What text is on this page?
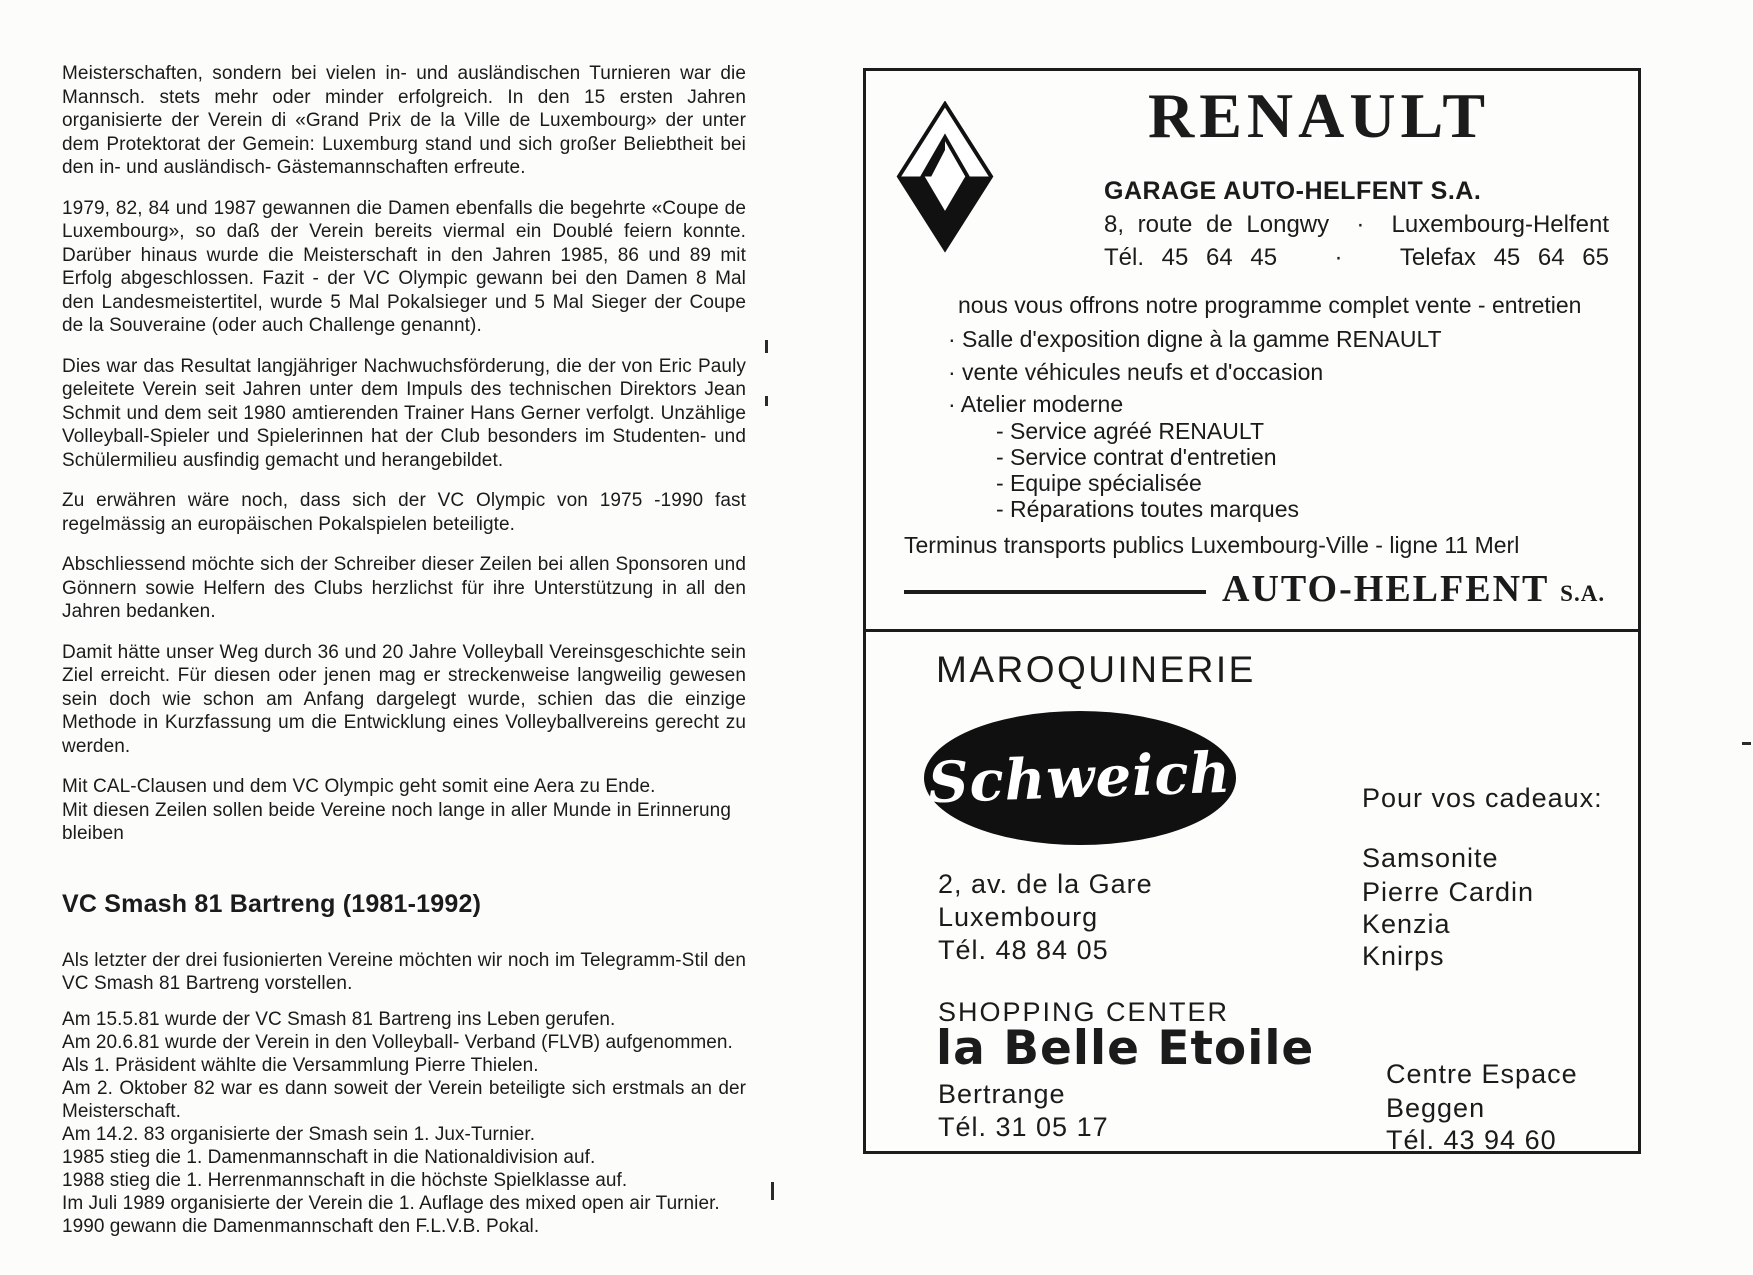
Meisterschaften, sondern bei vielen in- und ausländischen Turnieren war die Mannsch. stets mehr oder minder erfolgreich. In den 15 ersten Jahren organisierte der Verein di «Grand Prix de la Ville de Luxembourg» der unter dem Protektorat der Gemein: Luxemburg stand und sich großer Beliebtheit bei den in- und ausländisch- Gästemannschaften erfreute.

1979, 82, 84 und 1987 gewannen die Damen ebenfalls die begehrte «Coupe de Luxembourg», so daß der Verein bereits viermal ein Doublé feiern konnte. Darüber hinaus wurde die Meisterschaft in den Jahren 1985, 86 und 89 mit Erfolg abgeschlossen. Fazit - der VC Olympic gewann bei den Damen 8 Mal den Landesmeistertitel, wurde 5 Mal Pokalsieger und 5 Mal Sieger der Coupe de la Souveraine (oder auch Challenge genannt).

Dies war das Resultat langjähriger Nachwuchsförderung, die der von Eric Pauly geleitete Verein seit Jahren unter dem Impuls des technischen Direktors Jean Schmit und dem seit 1980 amtierenden Trainer Hans Gerner verfolgt. Unzählige Volleyball-Spieler und Spielerinnen hat der Club besonders im Studenten- und Schülermilieu ausfindig gemacht und herangebildet.

Zu erwähren wäre noch, dass sich der VC Olympic von 1975 -1990 fast regelmässig an europäischen Pokalspielen beteiligte.

Abschliessend möchte sich der Schreiber dieser Zeilen bei allen Sponsoren und Gönnern sowie Helfern des Clubs herzlichst für ihre Unterstützung in all den Jahren bedanken.

Damit hätte unser Weg durch 36 und 20 Jahre Volleyball Vereinsgeschichte sein Ziel erreicht. Für diesen oder jenen mag er streckenweise langweilig gewesen sein doch wie schon am Anfang dargelegt wurde, schien das die einzige Methode in Kurzfassung um die Entwicklung eines Volleyballvereins gerecht zu werden.

Mit CAL-Clausen und dem VC Olympic geht somit eine Aera zu Ende.

Mit diesen Zeilen sollen beide Vereine noch lange in aller Munde in Erinnerung bleiben

VC Smash 81 Bartreng (1981-1992)

Als letzter der drei fusionierten Vereine möchten wir noch im Telegramm-Stil den VC Smash 81 Bartreng vorstellen.

Am 15.5.81 wurde der VC Smash 81 Bartreng ins Leben gerufen.
Am 20.6.81 wurde der Verein in den Volleyball- Verband (FLVB) aufgenommen.
Als 1. Präsident wählte die Versammlung Pierre Thielen.
Am 2. Oktober 82 war es dann soweit der Verein beteiligte sich erstmals an der Meisterschaft.
Am 14.2. 83 organisierte der Smash sein 1. Jux-Turnier.
1985 stieg die 1. Damenmannschaft in die Nationaldivision auf.
1988 stieg die 1. Herrenmannschaft in die höchste Spielklasse auf.
Im Juli 1989 organisierte der Verein die 1. Auflage des mixed open air Turnier.
1990 gewann die Damenmannschaft den F.L.V.B. Pokal.
RENAULT
GARAGE AUTO-HELFENT S.A.
8, route de Longwy · Luxembourg-Helfent
Tél. 45 64 45 · Telefax 45 64 65
nous vous offrons notre programme complet vente - entretien
· Salle d'exposition digne à la gamme RENAULT
· vente véhicules neufs et d'occasion
· Atelier moderne
- Service agréé RENAULT
- Service contrat d'entretien
- Equipe spécialisée
- Réparations toutes marques
Terminus transports publics Luxembourg-Ville - ligne 11 Merl
AUTO-HELFENT S.A.
MAROQUINERIE
Schweich
2, av. de la Gare
Luxembourg
Tél. 48 84 05
SHOPPING CENTER
la Belle Etoile
Bertrange
Tél. 31 05 17
Pour vos cadeaux:
Samsonite
Pierre Cardin
Kenzia
Knirps
Centre Espace
Beggen
Tél. 43 94 60
